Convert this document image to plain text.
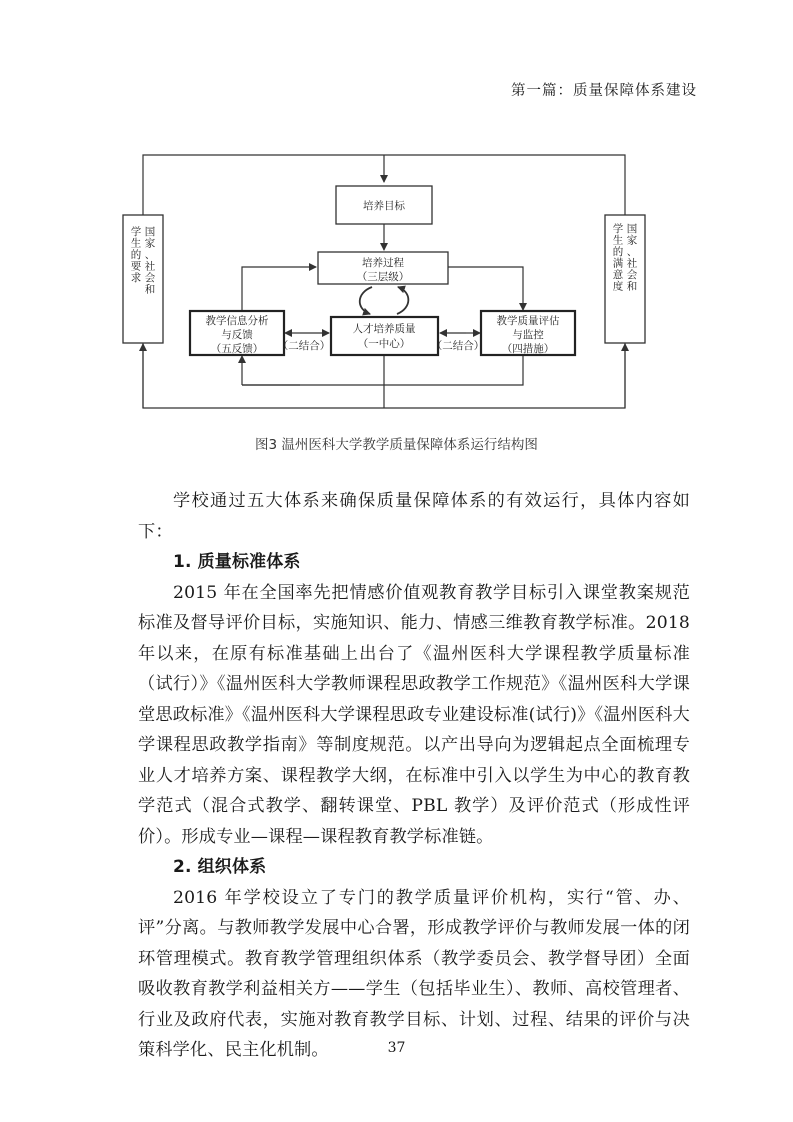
第一篇：质量保障体系建设
培养目标
培养过程
（三层级）
人才培养质量
（一中心）
教学信息分析
与反馈
（五反馈）
教学质量评估
与监控
（四措施）
（二结合）	（二结合）
国
家
、
社
会
和
学
生
的
要
求
国
家
、
社
会
和
学
生
的
满
意
度
图3 温州医科大学教学质量保障体系运行结构图

学校通过五大体系来确保质量保障体系的有效运行，具体内容如下：

1. 质量标准体系

2015 年在全国率先把情感价值观教育教学目标引入课堂教案规范标准及督导评价目标，实施知识、能力、情感三维教育教学标准。2018 年以来，在原有标准基础上出台了《温州医科大学课程教学质量标准（试行）》《温州医科大学教师课程思政教学工作规范》《温州医科大学课堂思政标准》《温州医科大学课程思政专业建设标准(试行)》《温州医科大学课程思政教学指南》等制度规范。以产出导向为逻辑起点全面梳理专业人才培养方案、课程教学大纲，在标准中引入以学生为中心的教育教学范式（混合式教学、翻转课堂、PBL 教学）及评价范式（形成性评价）。形成专业—课程—课程教育教学标准链。

2. 组织体系

2016 年学校设立了专门的教学质量评价机构，实行“管、办、评”分离。与教师教学发展中心合署，形成教学评价与教师发展一体的闭环管理模式。教育教学管理组织体系（教学委员会、教学督导团）全面吸收教育教学利益相关方——学生（包括毕业生）、教师、高校管理者、行业及政府代表，实施对教育教学目标、计划、过程、结果的评价与决策科学化、民主化机制。	37
